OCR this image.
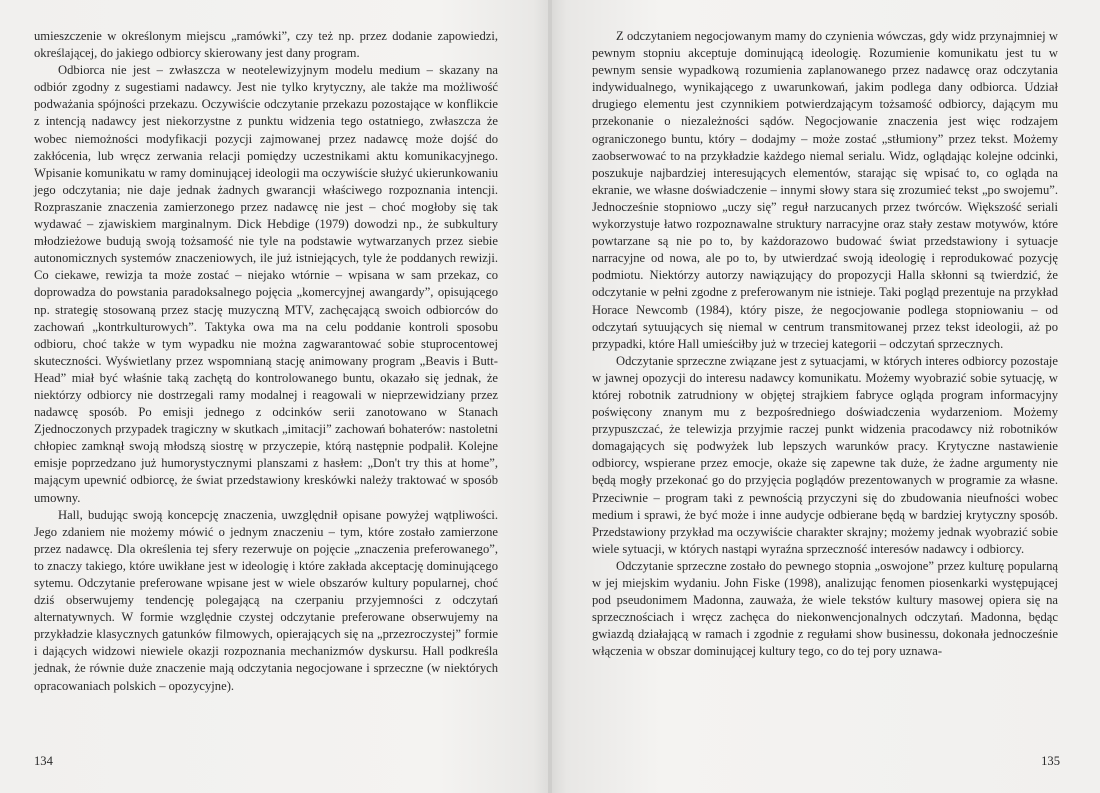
umieszczenie w określonym miejscu „ramówki”, czy też np. przez dodanie zapowiedzi, określającej, do jakiego odbiorcy skierowany jest dany program.

Odbiorca nie jest – zwłaszcza w neotelewizyjnym modelu medium – skazany na odbiór zgodny z sugestiami nadawcy. Jest nie tylko krytyczny, ale także ma możliwość podważania spójności przekazu. Oczywiście odczytanie przekazu pozostające w konflikcie z intencją nadawcy jest niekorzystne z punktu widzenia tego ostatniego, zwłaszcza że wobec niemożności modyfikacji pozycji zajmowanej przez nadawcę może dojść do zakłócenia, lub wręcz zerwania relacji pomiędzy uczestnikami aktu komunikacyjnego. Wpisanie komunikatu w ramy dominującej ideologii ma oczywiście służyć ukierunkowaniu jego odczytania; nie daje jednak żadnych gwarancji właściwego rozpoznania intencji. Rozpraszanie znaczenia zamierzonego przez nadawcę nie jest – choć mogłoby się tak wydawać – zjawiskiem marginalnym. Dick Hebdige (1979) dowodzi np., że subkultury młodzieżowe budują swoją tożsamość nie tyle na podstawie wytwarzanych przez siebie autonomicznych systemów znaczeniowych, ile już istniejących, tyle że poddanych rewizji. Co ciekawe, rewizja ta może zostać – niejako wtórnie – wpisana w sam przekaz, co doprowadza do powstania paradoksalnego pojęcia „komercyjnej awangardy”, opisującego np. strategię stosowaną przez stację muzyczną MTV, zachęcającą swoich odbiorców do zachowań „kontrkulturowych”. Taktyka owa ma na celu poddanie kontroli sposobu odbioru, choć także w tym wypadku nie można zagwarantować sobie stuprocentowej skuteczności. Wyświetlany przez wspomnianą stację animowany program „Beavis i Butt-Head” miał być właśnie taką zachętą do kontrolowanego buntu, okazało się jednak, że niektórzy odbiorcy nie dostrzegali ramy modalnej i reagowali w nieprzewidziany przez nadawcę sposób. Po emisji jednego z odcinków serii zanotowano w Stanach Zjednoczonych przypadek tragiczny w skutkach „imitacji” zachowań bohaterów: nastoletni chłopiec zamknął swoją młodszą siostrę w przyczepie, którą następnie podpalił. Kolejne emisje poprzedzano już humorystycznymi planszami z hasłem: „Don't try this at home”, mającym upewnić odbiorcę, że świat przedstawiony kreskówki należy traktować w sposób umowny.

Hall, budując swoją koncepcję znaczenia, uwzględnił opisane powyżej wątpliwości. Jego zdaniem nie możemy mówić o jednym znaczeniu – tym, które zostało zamierzone przez nadawcę. Dla określenia tej sfery rezerwuje on pojęcie „znaczenia preferowanego”, to znaczy takiego, które uwikłane jest w ideologię i które zakłada akceptację dominującego sytemu. Odczytanie preferowane wpisane jest w wiele obszarów kultury popularnej, choć dziś obserwujemy tendencję polegającą na czerpaniu przyjemności z odczytań alternatywnych. W formie względnie czystej odczytanie preferowane obserwujemy na przykładzie klasycznych gatunków filmowych, opierających się na „przezroczystej” formie i dających widzowi niewiele okazji rozpoznania mechanizmów dyskursu. Hall podkreśla jednak, że równie duże znaczenie mają odczytania negocjowane i sprzeczne (w niektórych opracowaniach polskich – opozycyjne).

134

Z odczytaniem negocjowanym mamy do czynienia wówczas, gdy widz przynajmniej w pewnym stopniu akceptuje dominującą ideologię. Rozumienie komunikatu jest tu w pewnym sensie wypadkową rozumienia zaplanowanego przez nadawcę oraz odczytania indywidualnego, wynikającego z uwarunkowań, jakim podlega dany odbiorca. Udział drugiego elementu jest czynnikiem potwierdzającym tożsamość odbiorcy, dającym mu przekonanie o niezależności sądów. Negocjowanie znaczenia jest więc rodzajem ograniczonego buntu, który – dodajmy – może zostać „stłumiony” przez tekst. Możemy zaobserwować to na przykładzie każdego niemal serialu. Widz, oglądając kolejne odcinki, poszukuje najbardziej interesujących elementów, starając się wpisać to, co ogląda na ekranie, we własne doświadczenie – innymi słowy stara się zrozumieć tekst „po swojemu”. Jednocześnie stopniowo „uczy się” reguł narzucanych przez twórców. Większość seriali wykorzystuje łatwo rozpoznawalne struktury narracyjne oraz stały zestaw motywów, które powtarzane są nie po to, by każdorazowo budować świat przedstawiony i sytuacje narracyjne od nowa, ale po to, by utwierdzać swoją ideologię i reprodukować pozycję podmiotu. Niektórzy autorzy nawiązujący do propozycji Halla skłonni są twierdzić, że odczytanie w pełni zgodne z preferowanym nie istnieje. Taki pogląd prezentuje na przykład Horace Newcomb (1984), który pisze, że negocjowanie podlega stopniowaniu – od odczytań sytuujących się niemal w centrum transmitowanej przez tekst ideologii, aż po przypadki, które Hall umieściłby już w trzeciej kategorii – odczytań sprzecznych.

Odczytanie sprzeczne związane jest z sytuacjami, w których interes odbiorcy pozostaje w jawnej opozycji do interesu nadawcy komunikatu. Możemy wyobrazić sobie sytuację, w której robotnik zatrudniony w objętej strajkiem fabryce ogląda program informacyjny poświęcony znanym mu z bezpośredniego doświadczenia wydarzeniom. Możemy przypuszczać, że telewizja przyjmie raczej punkt widzenia pracodawcy niż robotników domagających się podwyżek lub lepszych warunków pracy. Krytyczne nastawienie odbiorcy, wspierane przez emocje, okaże się zapewne tak duże, że żadne argumenty nie będą mogły przekonać go do przyjęcia poglądów prezentowanych w programie za własne. Przeciwnie – program taki z pewnością przyczyni się do zbudowania nieufności wobec medium i sprawi, że być może i inne audycje odbierane będą w bardziej krytyczny sposób. Przedstawiony przykład ma oczywiście charakter skrajny; możemy jednak wyobrazić sobie wiele sytuacji, w których nastąpi wyraźna sprzeczność interesów nadawcy i odbiorcy.

Odczytanie sprzeczne zostało do pewnego stopnia „oswojone” przez kulturę popularną w jej miejskim wydaniu. John Fiske (1998), analizując fenomen piosenkarki występującej pod pseudonimem Madonna, zauważa, że wiele tekstów kultury masowej opiera się na sprzecznościach i wręcz zachęca do niekonwencjonalnych odczytań. Madonna, będąc gwiazdą działającą w ramach i zgodnie z regułami show businessu, dokonała jednocześnie włączenia w obszar dominującej kultury tego, co do tej pory uznawa-

135
